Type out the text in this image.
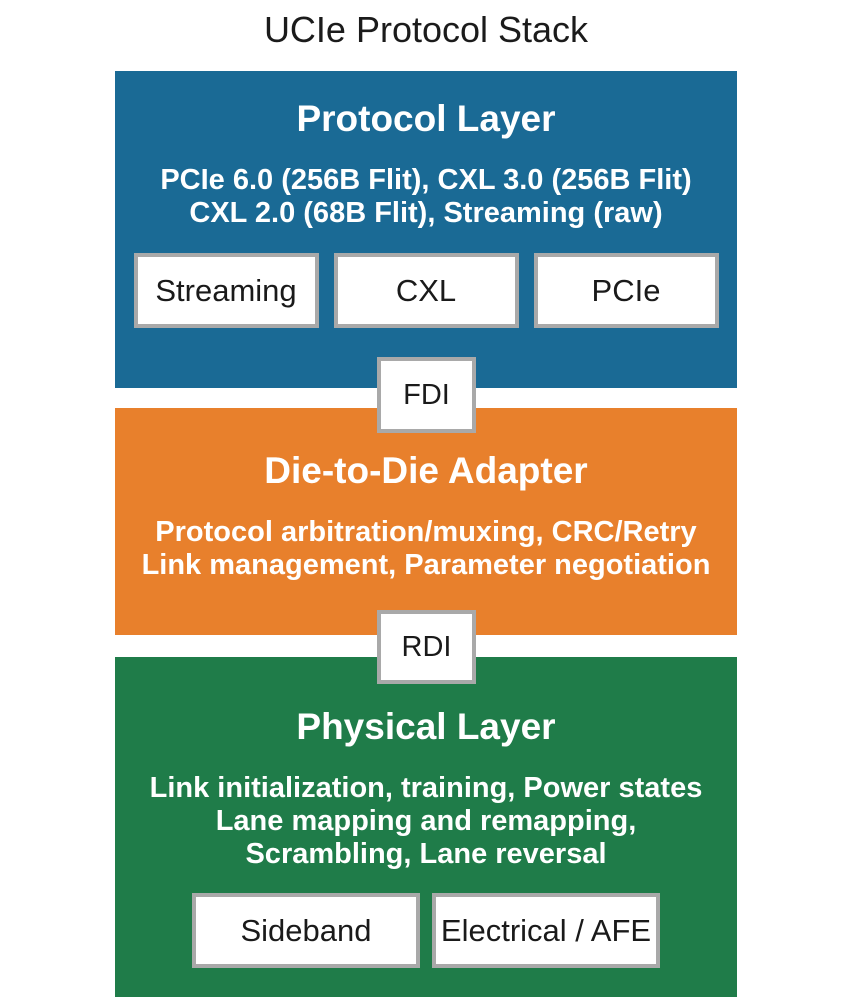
UCIe Protocol Stack
Protocol Layer

PCIe 6.0 (256B Flit), CXL 3.0 (256B Flit)

CXL 2.0 (68B Flit), Streaming (raw)

Streaming	CXL	PCIe
FDI
Die-to-Die Adapter

Protocol arbitration/muxing, CRC/Retry

Link management, Parameter negotiation

RDI
Physical Layer

Link initialization, training, Power states

Lane mapping and remapping,

Scrambling, Lane reversal

Sideband	Electrical / AFE
